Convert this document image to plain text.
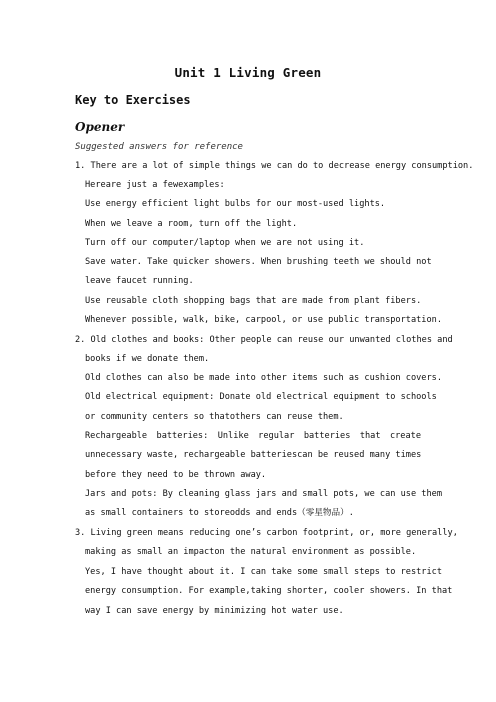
Unit 1 Living Green
Key to Exercises
Opener
Suggested answers for reference
1. There are a lot of simple things we can do to decrease energy consumption.
Hereare just a fewexamples:
Use energy efficient light bulbs for our most-used lights.
When we leave a room, turn off the light.
Turn off our computer/laptop when we are not using it.
Save water. Take quicker showers. When brushing teeth we should not
leave faucet running.
Use reusable cloth shopping bags that are made from plant fibers.
Whenever possible, walk, bike, carpool, or use public transportation.
2. Old clothes and books: Other people can reuse our unwanted clothes and
books if we donate them.
Old clothes can also be made into other items such as cushion covers.
Old electrical equipment: Donate old electrical equipment to schools
or community centers so thatothers can reuse them.
Rechargeable batteries: Unlike regular batteries that create
unnecessary waste, rechargeable batteriescan be reused many times
before they need to be thrown away.
Jars and pots: By cleaning glass jars and small pots, we can use them
as small containers to storeodds and ends（零星物品）.
3. Living green means reducing one’s carbon footprint, or, more generally,
making as small an impacton the natural environment as possible.
Yes, I have thought about it. I can take some small steps to restrict
energy consumption. For example,taking shorter, cooler showers. In that
way I can save energy by minimizing hot water use.
